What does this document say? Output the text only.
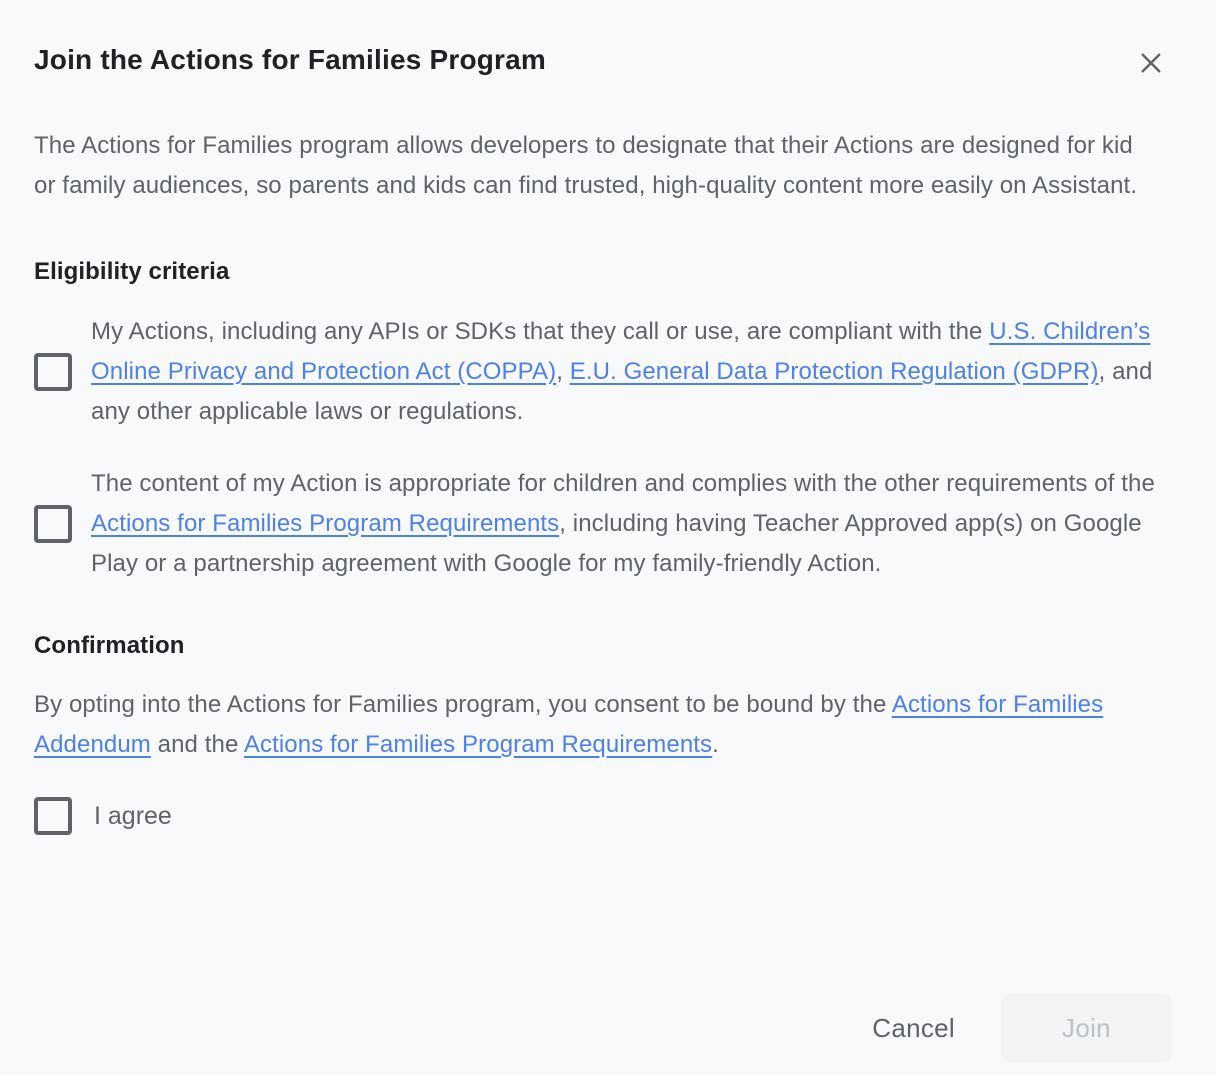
Join the Actions for Families Program
The Actions for Families program allows developers to designate that their Actions are designed for kid or family audiences, so parents and kids can find trusted, high-quality content more easily on Assistant.
Eligibility criteria
My Actions, including any APIs or SDKs that they call or use, are compliant with the U.S. Children’s Online Privacy and Protection Act (COPPA), E.U. General Data Protection Regulation (GDPR), and any other applicable laws or regulations.
The content of my Action is appropriate for children and complies with the other requirements of the Actions for Families Program Requirements, including having Teacher Approved app(s) on Google Play or a partnership agreement with Google for my family-friendly Action.
Confirmation
By opting into the Actions for Families program, you consent to be bound by the Actions for Families Addendum and the Actions for Families Program Requirements.
I agree
Cancel	Join
